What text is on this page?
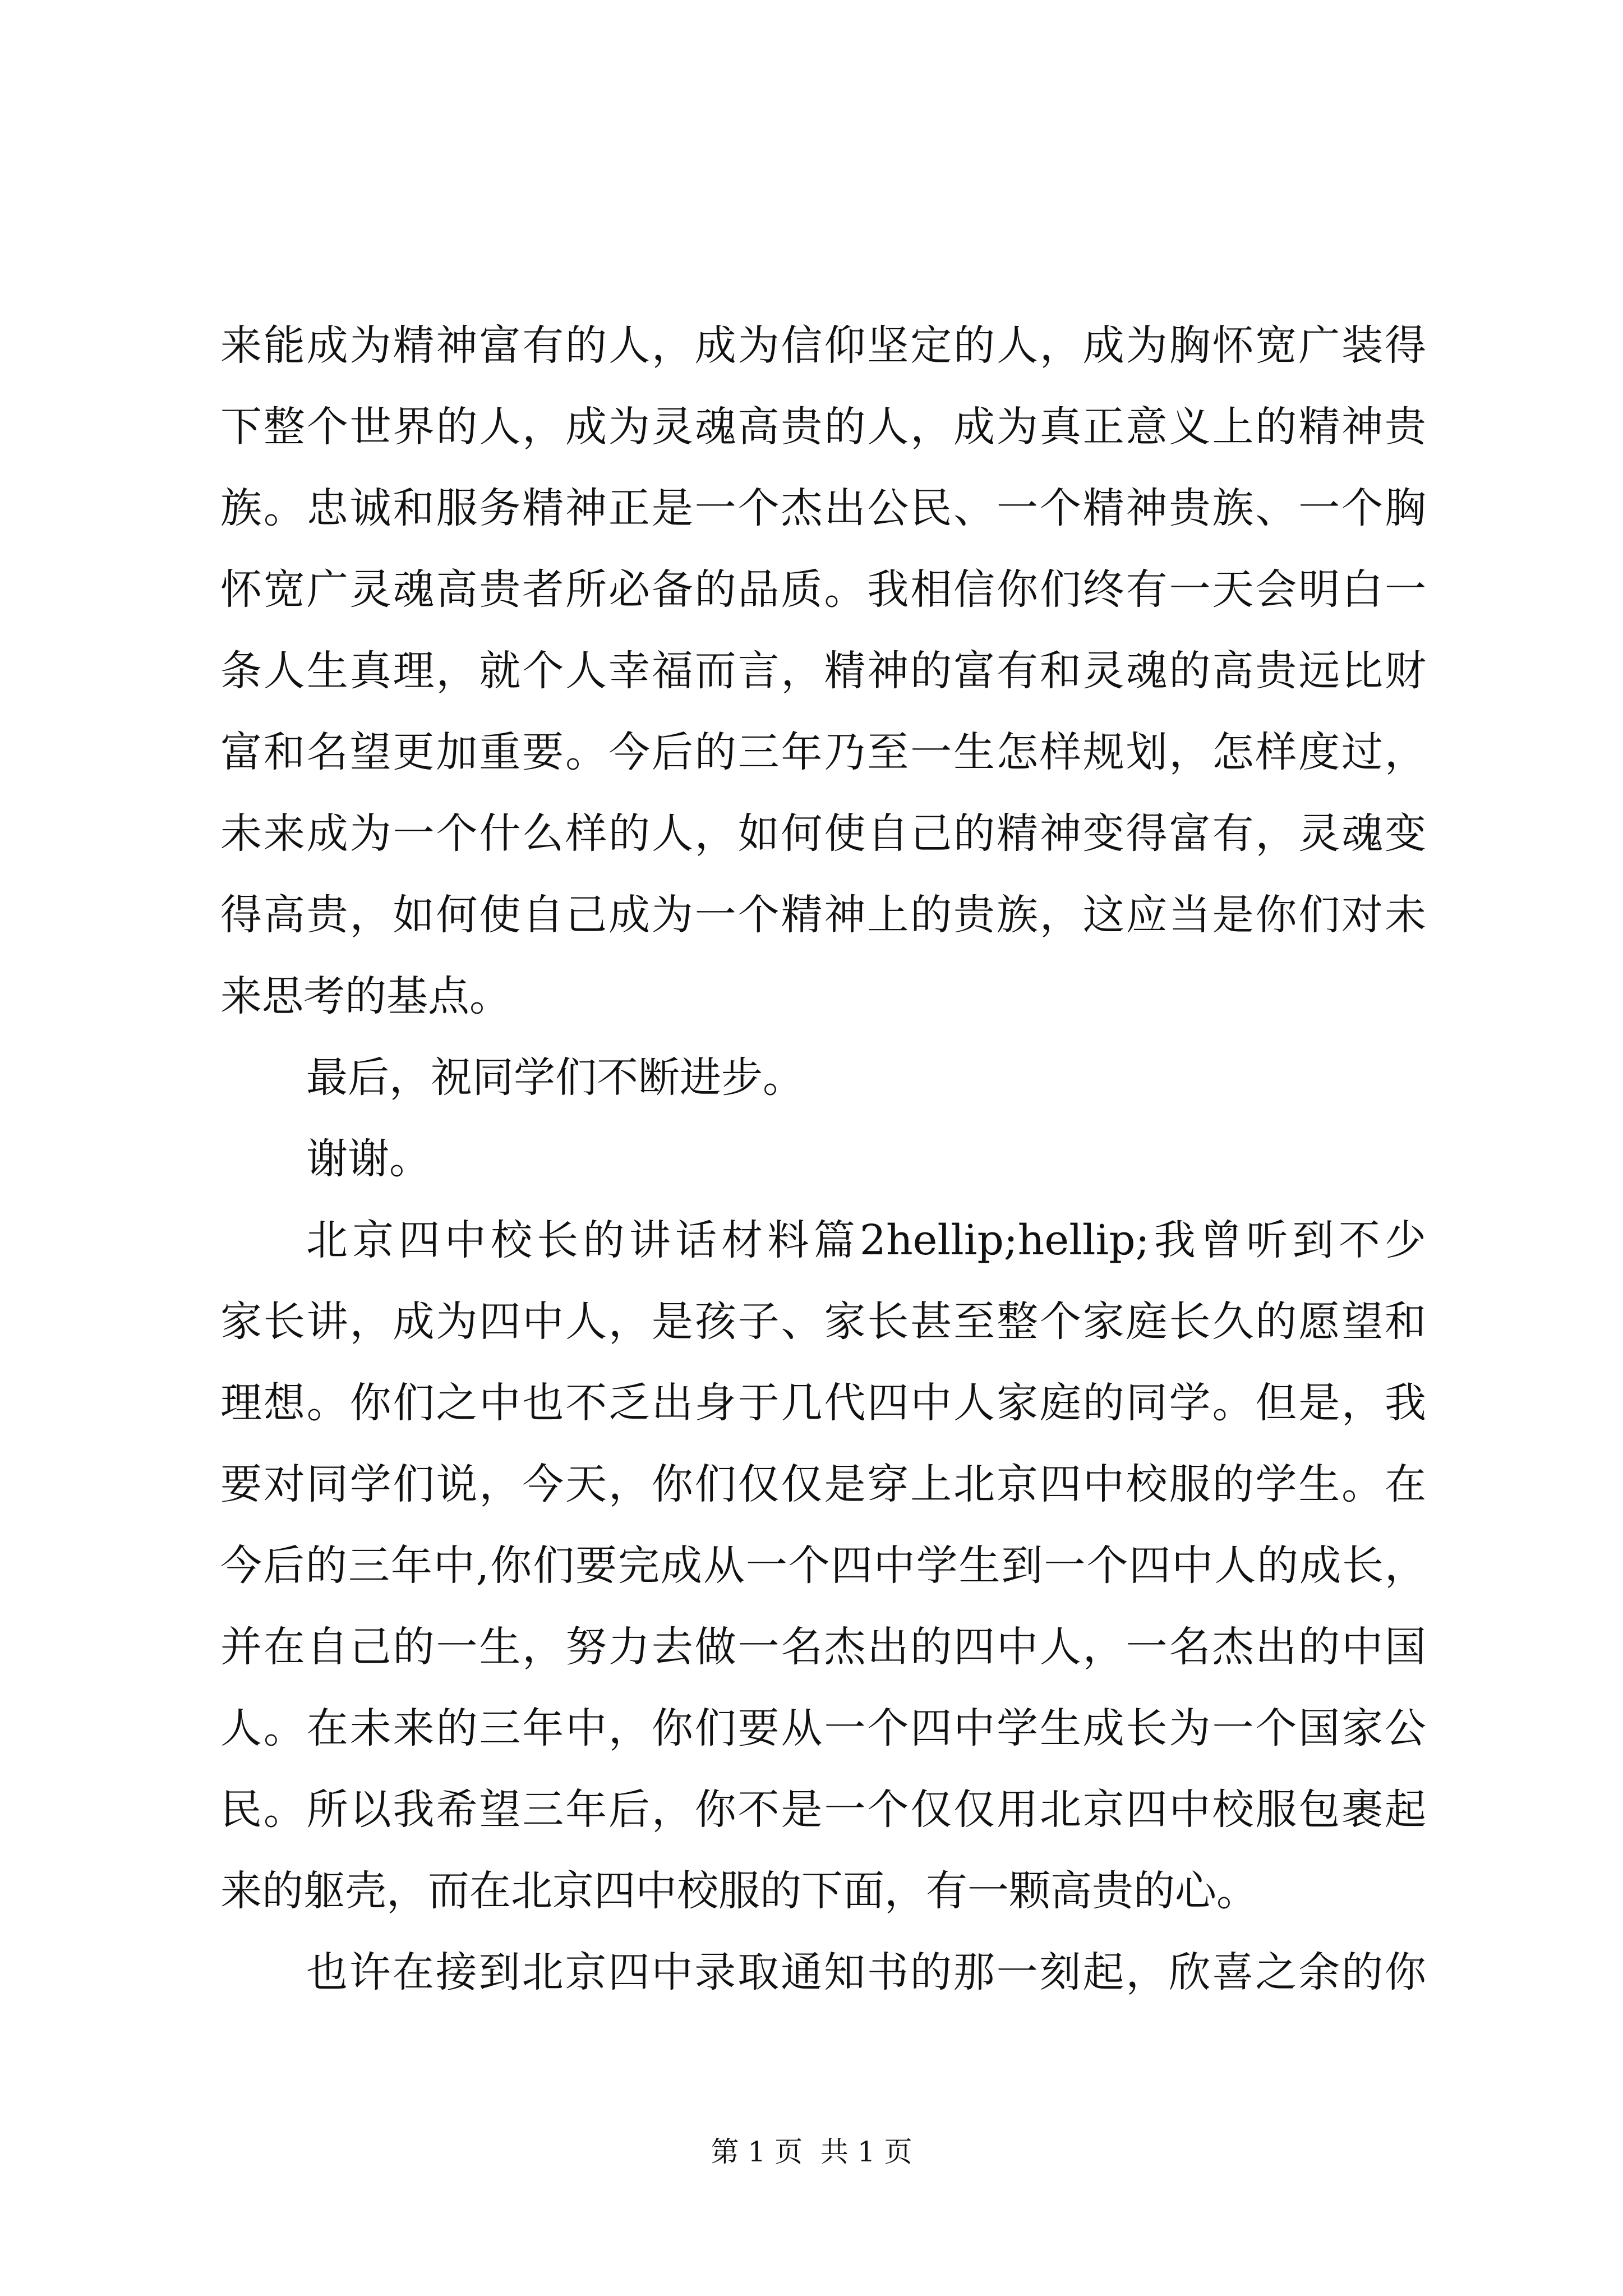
来能成为精神富有的人，成为信仰坚定的人，成为胸怀宽广装得
下整个世界的人，成为灵魂高贵的人，成为真正意义上的精神贵
族。忠诚和服务精神正是一个杰出公民、一个精神贵族、一个胸
怀宽广灵魂高贵者所必备的品质。我相信你们终有一天会明白一
条人生真理，就个人幸福而言，精神的富有和灵魂的高贵远比财
富和名望更加重要。今后的三年乃至一生怎样规划，怎样度过，
未来成为一个什么样的人，如何使自己的精神变得富有，灵魂变
得高贵，如何使自己成为一个精神上的贵族，这应当是你们对未
来思考的基点。
最后，祝同学们不断进步。
谢谢。
北京四中校长的讲话材料篇2hellip;hellip;我曾听到不少
家长讲，成为四中人，是孩子、家长甚至整个家庭长久的愿望和
理想。你们之中也不乏出身于几代四中人家庭的同学。但是，我
要对同学们说，今天，你们仅仅是穿上北京四中校服的学生。在
今后的三年中,你们要完成从一个四中学生到一个四中人的成长，
并在自己的一生，努力去做一名杰出的四中人，一名杰出的中国
人。在未来的三年中，你们要从一个四中学生成长为一个国家公
民。所以我希望三年后，你不是一个仅仅用北京四中校服包裹起
来的躯壳，而在北京四中校服的下面，有一颗高贵的心。
也许在接到北京四中录取通知书的那一刻起，欣喜之余的你
第 1 页  共 1 页
